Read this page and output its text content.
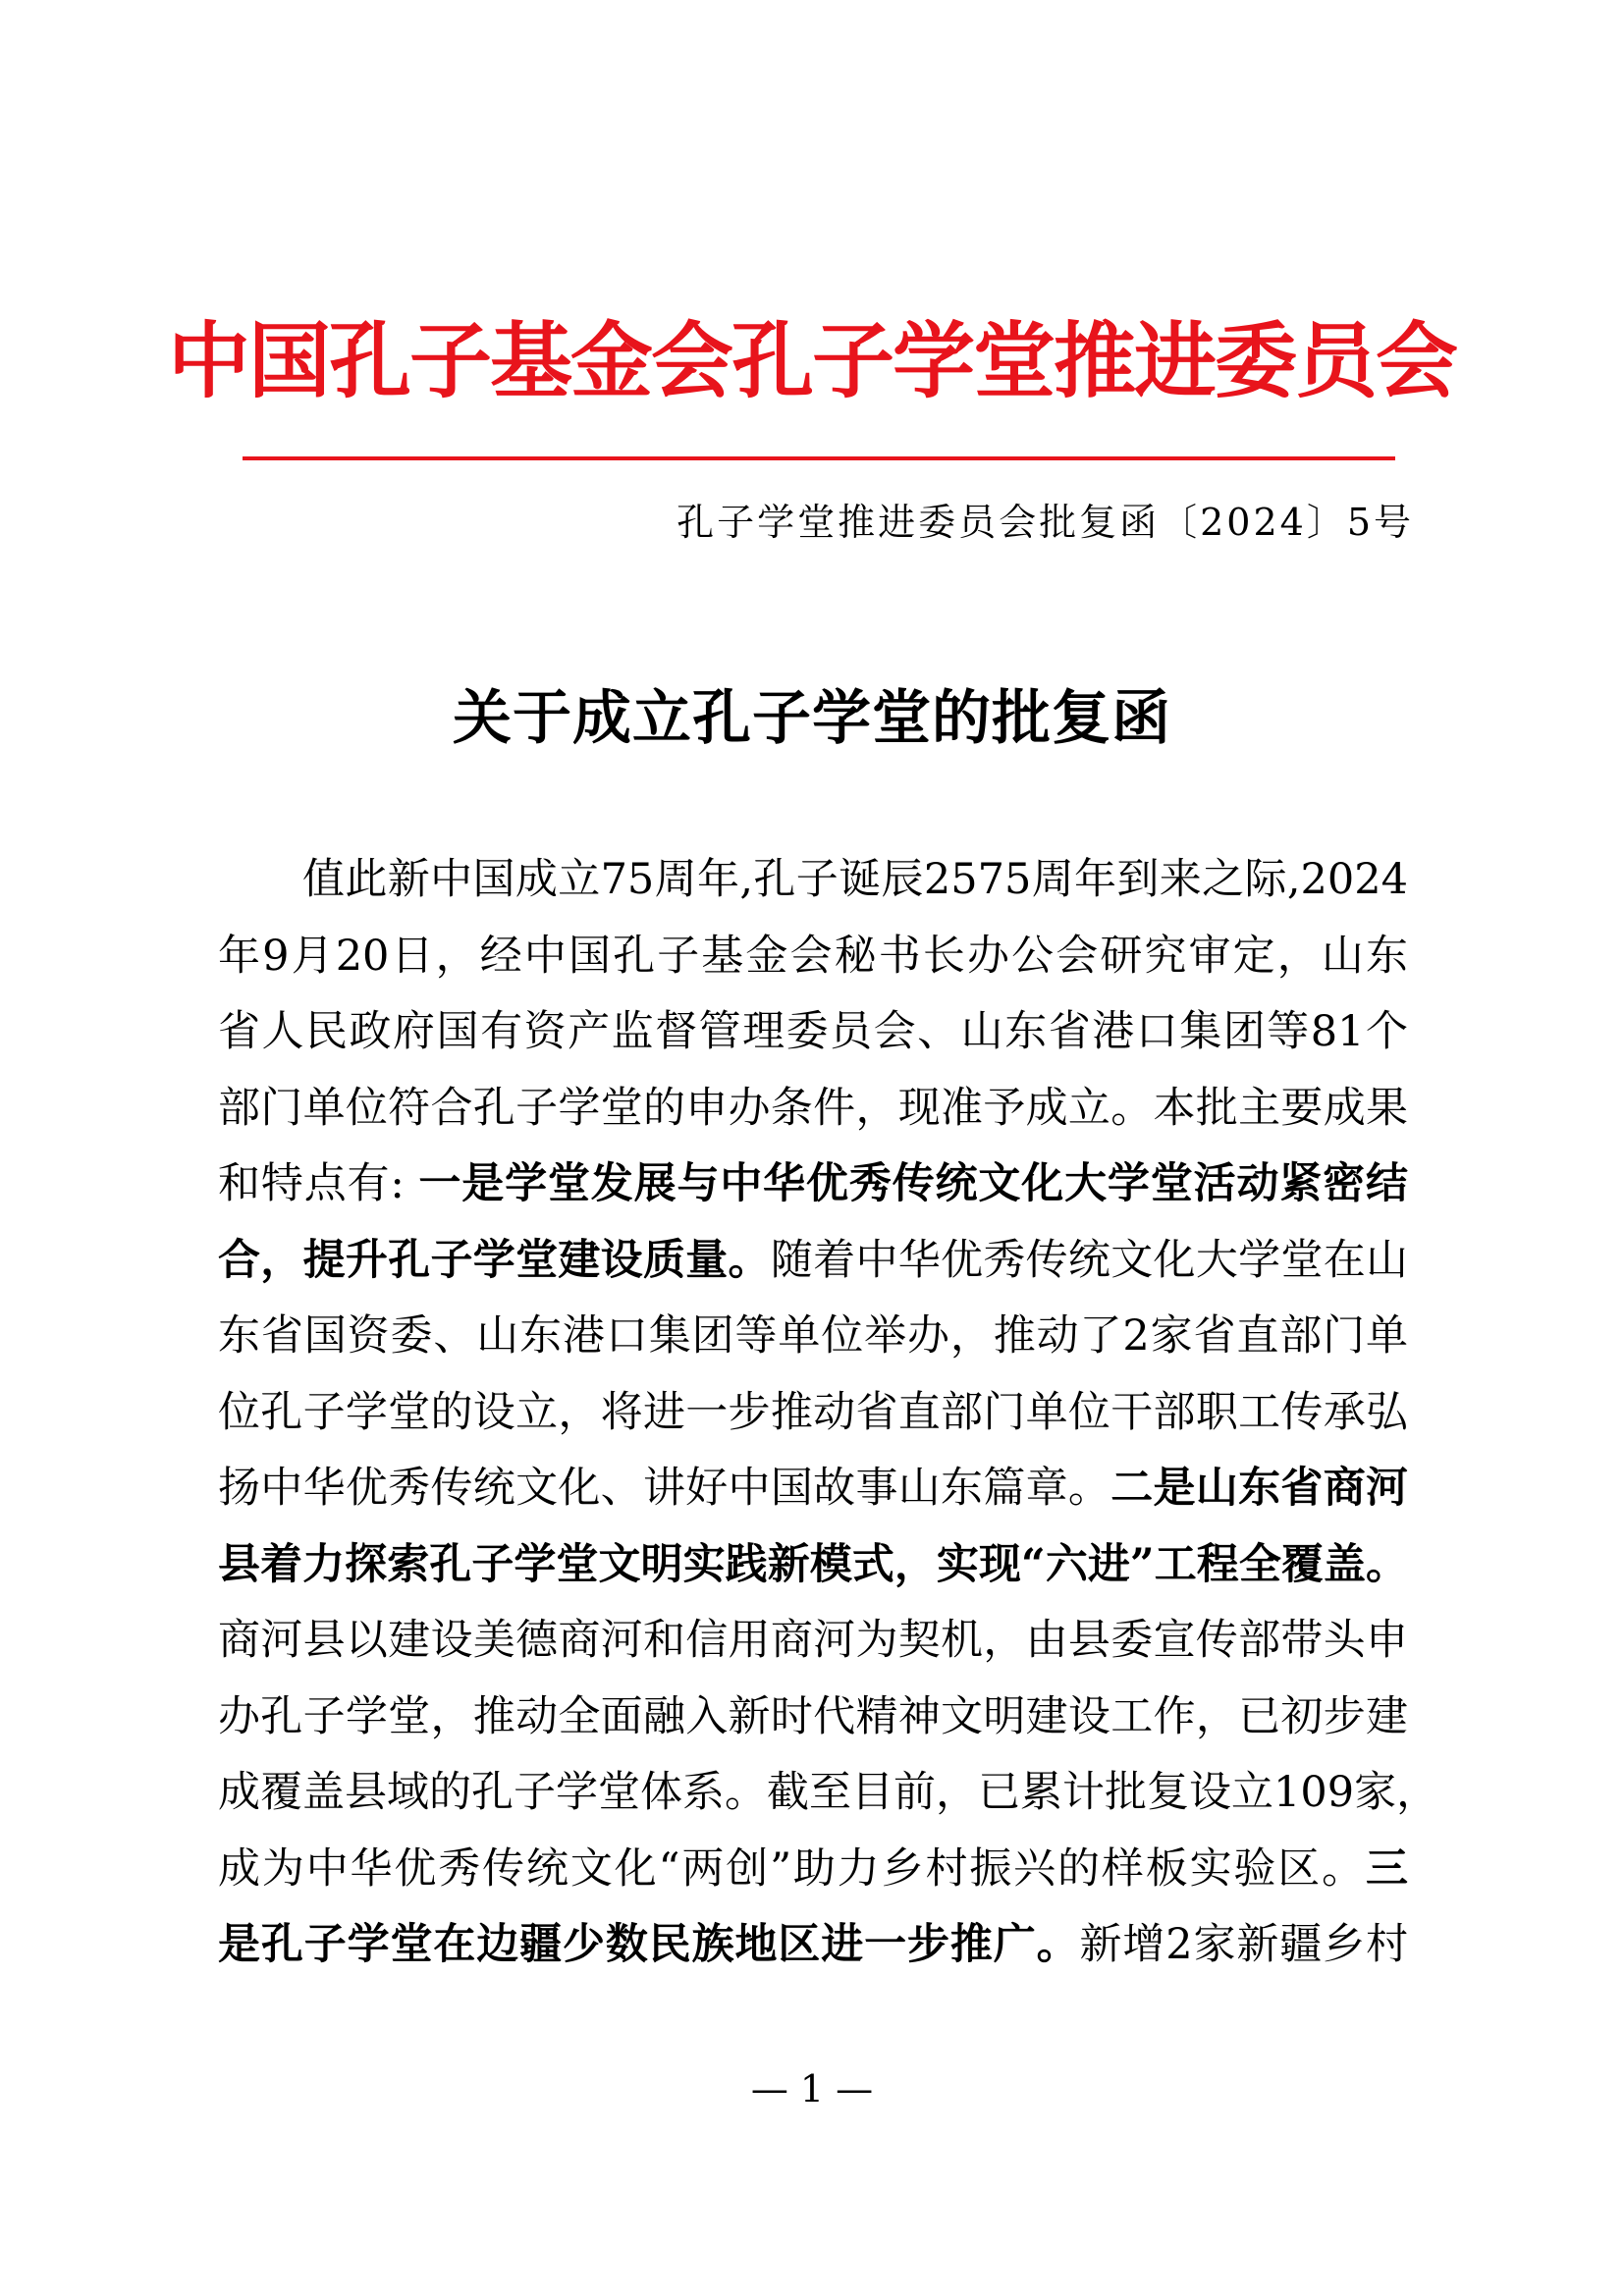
中国孔子基金会孔子学堂推进委员会
孔子学堂推进委员会批复函〔2024〕5号
关于成立孔子学堂的批复函
值此新中国成立75周年,孔子诞辰2575周年到来之际,2024
年9月20日，经中国孔子基金会秘书长办公会研究审定，山东
省人民政府国有资产监督管理委员会、山东省港口集团等81个
部门单位符合孔子学堂的申办条件，现准予成立。本批主要成果
和特点有: 一是学堂发展与中华优秀传统文化大学堂活动紧密结
合，提升孔子学堂建设质量。随着中华优秀传统文化大学堂在山
东省国资委、山东港口集团等单位举办，推动了2家省直部门单
位孔子学堂的设立，将进一步推动省直部门单位干部职工传承弘
扬中华优秀传统文化、讲好中国故事山东篇章。二是山东省商河
县着力探索孔子学堂文明实践新模式，实现“六进”工程全覆盖。
商河县以建设美德商河和信用商河为契机，由县委宣传部带头申
办孔子学堂，推动全面融入新时代精神文明建设工作，已初步建
成覆盖县域的孔子学堂体系。截至目前，已累计批复设立109家，
成为中华优秀传统文化“两创”助力乡村振兴的样板实验区。三
是孔子学堂在边疆少数民族地区进一步推广。新增2家新疆乡村
— 1 —
